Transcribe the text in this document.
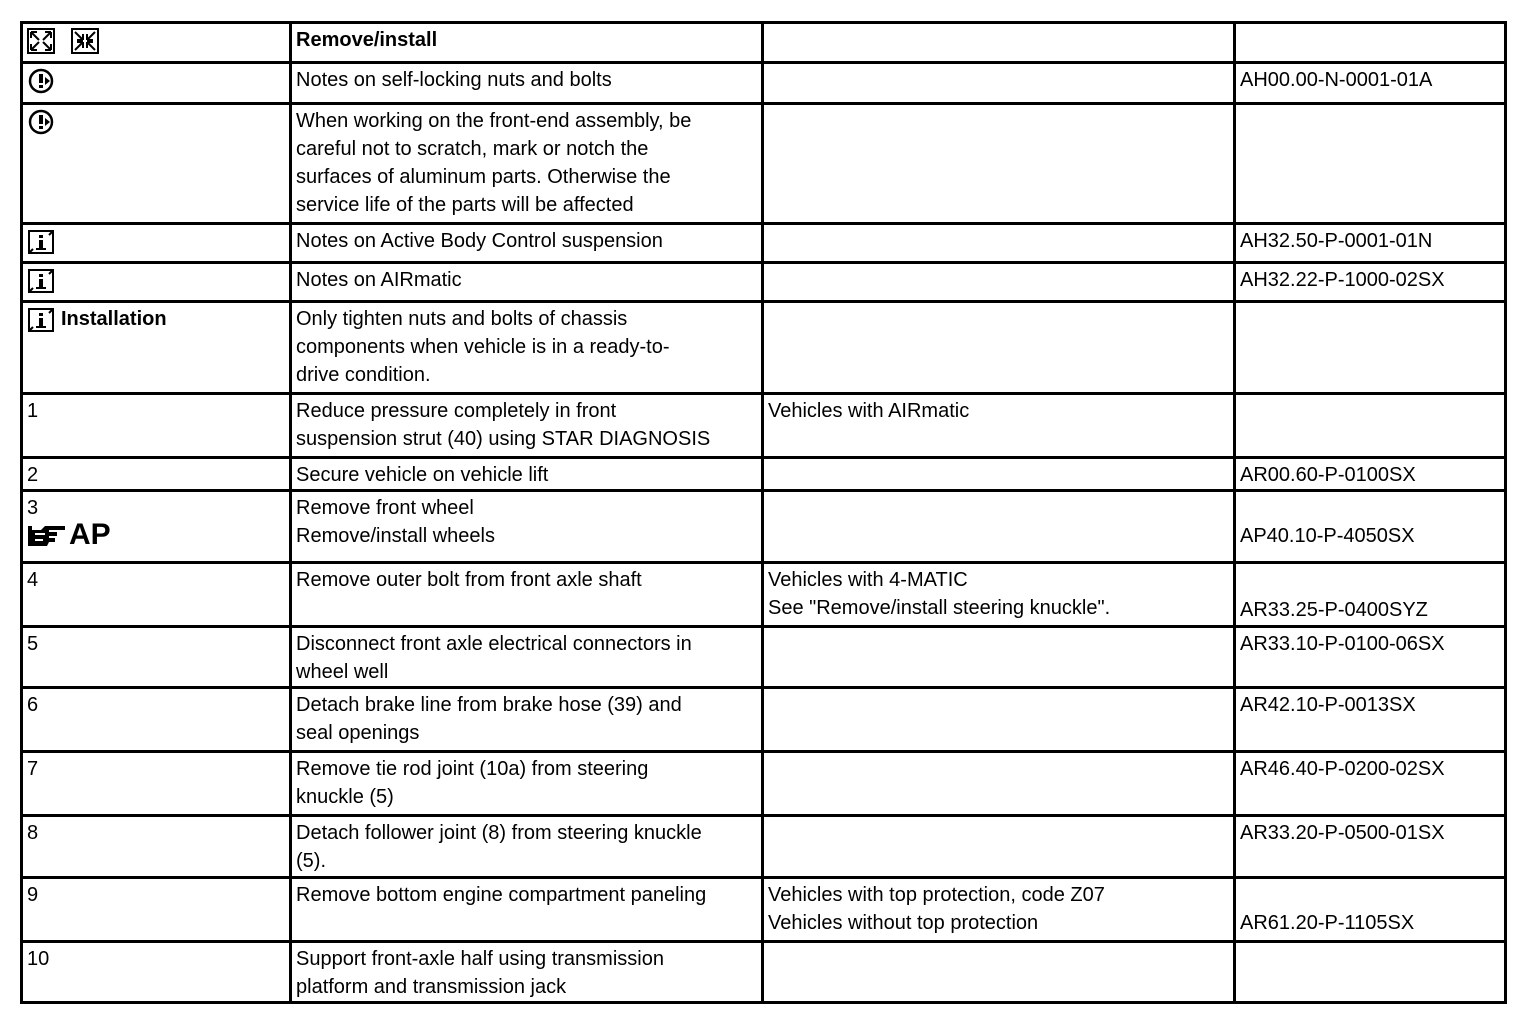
	Remove/install		

Notes on self-locking nuts and bolts		AH00.00-N-0001-01A

When working on the front-end assembly, be
careful not to scratch, mark or notch the
surfaces of aluminum parts. Otherwise the
service life of the parts will be affected		

Notes on Active Body Control suspension		AH32.50-P-0001-01N

Notes on AIRmatic		AH32.22-P-1000-02SX

Installation	Only tighten nuts and bolts of chassis
components when vehicle is in a ready-to-
drive condition.		

1	Reduce pressure completely in front
suspension strut (40) using STAR DIAGNOSIS	Vehicles with AIRmatic	

2	Secure vehicle on vehicle lift		AR00.60-P-0100SX

3
AP	Remove front wheel
Remove/install wheels		AP40.10-P-4050SX

4	Remove outer bolt from front axle shaft	Vehicles with 4-MATIC
See "Remove/install steering knuckle".	AR33.25-P-0400SYZ

5	Disconnect front axle electrical connectors in
wheel well		AR33.10-P-0100-06SX
6	Detach brake line from brake hose (39) and
seal openings		AR42.10-P-0013SX
7	Remove tie rod joint (10a) from steering
knuckle (5)		AR46.40-P-0200-02SX
8	Detach follower joint (8) from steering knuckle
(5).		AR33.20-P-0500-01SX
9	Remove bottom engine compartment paneling	Vehicles with top protection, code Z07
Vehicles without top protection	AR61.20-P-1105SX

10	Support front-axle half using transmission
platform and transmission jack		
